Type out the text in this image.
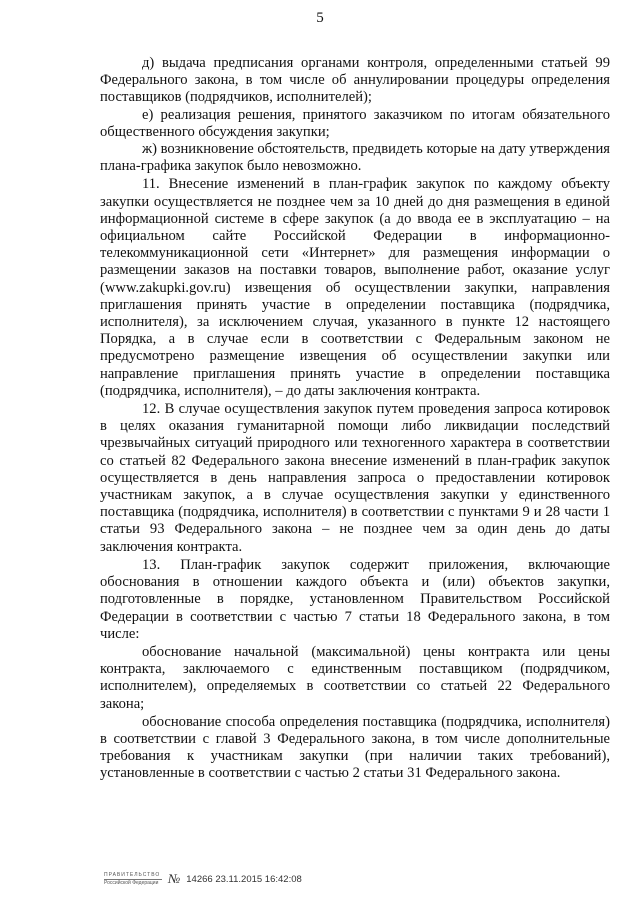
5

д) выдача предписания органами контроля, определенными статьей 99 Федерального закона, в том числе об аннулировании процедуры определения поставщиков (подрядчиков, исполнителей);

е) реализация решения, принятого заказчиком по итогам обязательного общественного обсуждения закупки;

ж) возникновение обстоятельств, предвидеть которые на дату утверждения плана-графика закупок было невозможно.

11. Внесение изменений в план-график закупок по каждому объекту закупки осуществляется не позднее чем за 10 дней до дня размещения в единой информационной системе в сфере закупок (а до ввода ее в эксплуатацию – на официальном сайте Российской Федерации в информационно-телекоммуникационной сети «Интернет» для размещения информации о размещении заказов на поставки товаров, выполнение работ, оказание услуг (www.zakupki.gov.ru) извещения об осуществлении закупки, направления приглашения принять участие в определении поставщика (подрядчика, исполнителя), за исключением случая, указанного в пункте 12 настоящего Порядка, а в случае если в соответствии с Федеральным законом не предусмотрено размещение извещения об осуществлении закупки или направление приглашения принять участие в определении поставщика (подрядчика, исполнителя), – до даты заключения контракта.

12. В случае осуществления закупок путем проведения запроса котировок в целях оказания гуманитарной помощи либо ликвидации последствий чрезвычайных ситуаций природного или техногенного характера в соответствии со статьей 82 Федерального закона внесение изменений в план-график закупок осуществляется в день направления запроса о предоставлении котировок участникам закупок, а в случае осуществления закупки у единственного поставщика (подрядчика, исполнителя) в соответствии с пунктами 9 и 28 части 1 статьи 93 Федерального закона – не позднее чем за один день до даты заключения контракта.

13. План-график закупок содержит приложения, включающие обоснования в отношении каждого объекта и (или) объектов закупки, подготовленные в порядке, установленном Правительством Российской Федерации в соответствии с частью 7 статьи 18 Федерального закона, в том числе:

обоснование начальной (максимальной) цены контракта или цены контракта, заключаемого с единственным поставщиком (подрядчиком, исполнителем), определяемых в соответствии со статьей 22 Федерального закона;

обоснование способа определения поставщика (подрядчика, исполнителя) в соответствии с главой 3 Федерального закона, в том числе дополнительные требования к участникам закупки (при наличии таких требований), установленные в соответствии с частью 2 статьи 31 Федерального закона.

ПРАВИТЕЛЬСТВО
Российской Федерации № 14266 23.11.2015 16:42:08
